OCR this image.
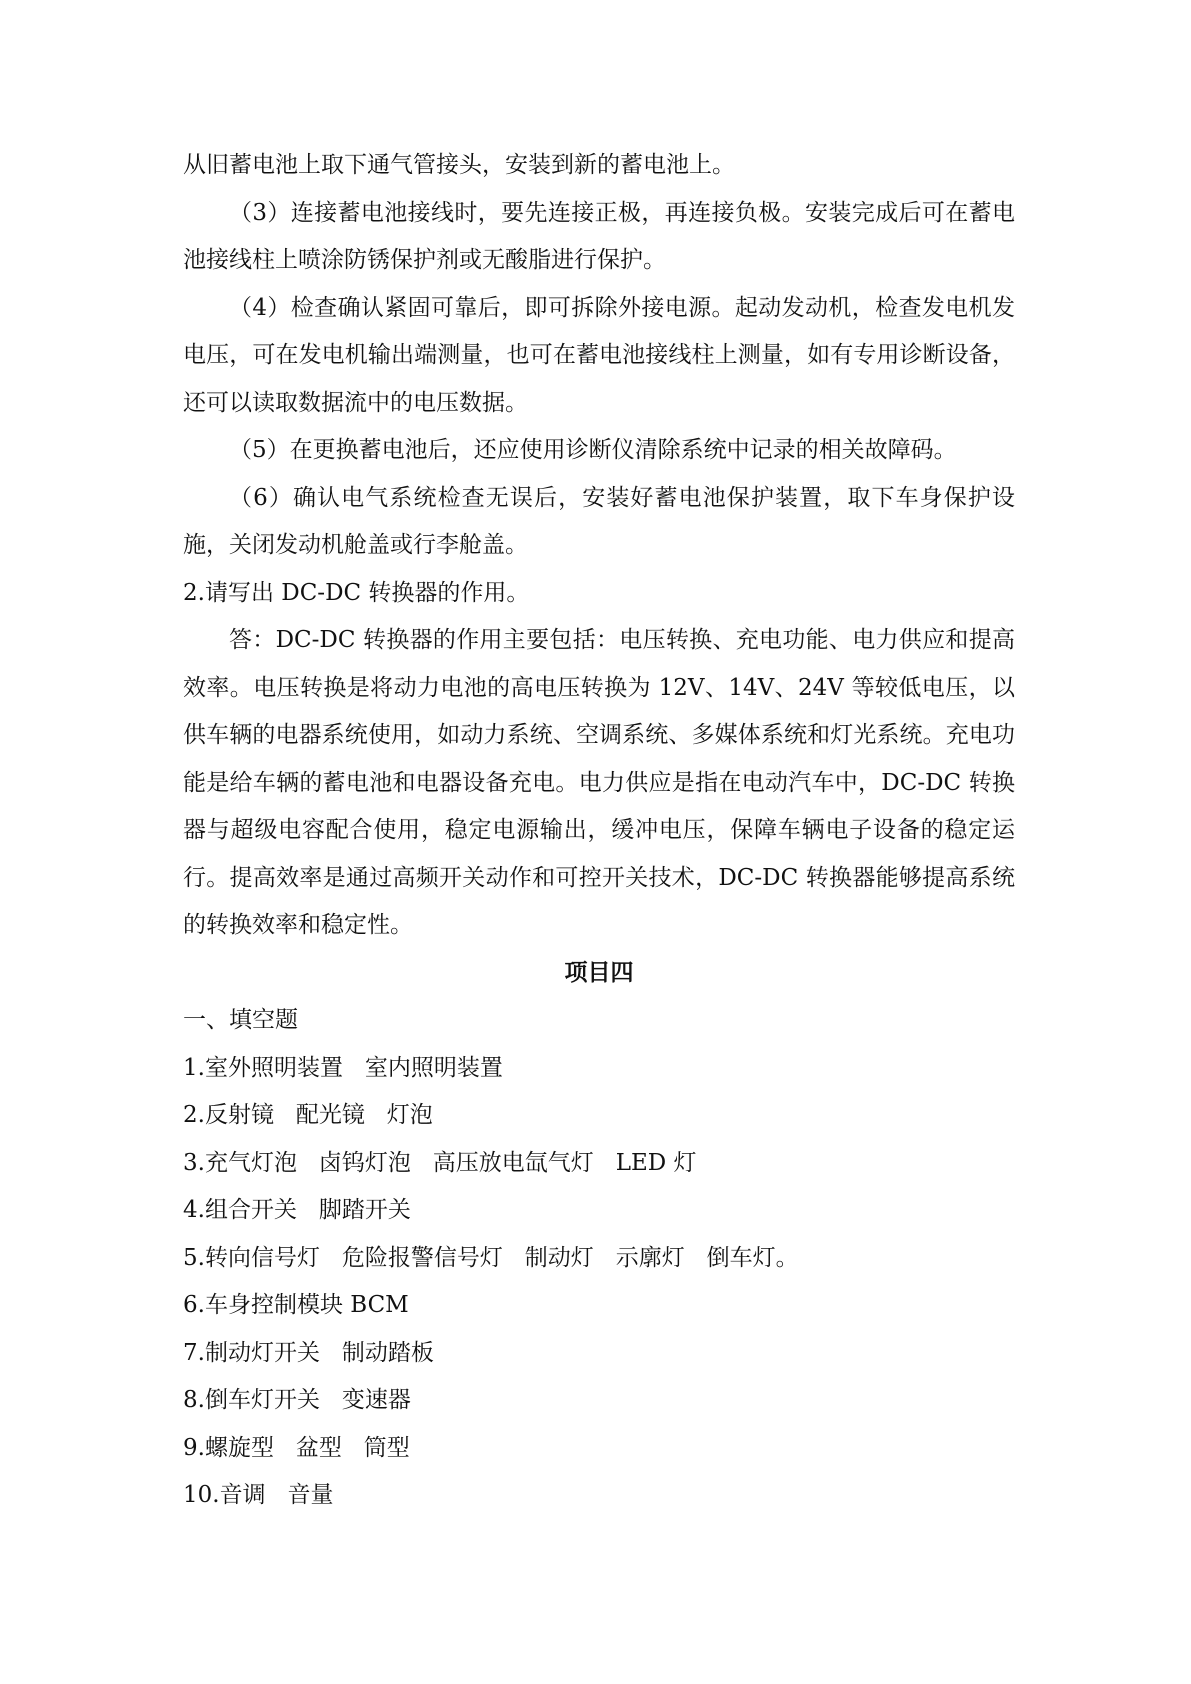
从旧蓄电池上取下通气管接头，安装到新的蓄电池上。

（3）连接蓄电池接线时，要先连接正极，再连接负极。安装完成后可在蓄电池接线柱上喷涂防锈保护剂或无酸脂进行保护。

（4）检查确认紧固可靠后，即可拆除外接电源。起动发动机，检查发电机发电压，可在发电机输出端测量，也可在蓄电池接线柱上测量，如有专用诊断设备，还可以读取数据流中的电压数据。

（5）在更换蓄电池后，还应使用诊断仪清除系统中记录的相关故障码。

（6）确认电气系统检查无误后，安装好蓄电池保护装置，取下车身保护设施，关闭发动机舱盖或行李舱盖。

2.请写出 DC-DC 转换器的作用。

答：DC-DC 转换器的作用主要包括：电压转换、充电功能、电力供应和提高效率。电压转换是将动力电池的高电压转换为 12V、14V、24V 等较低电压，以供车辆的电器系统使用，如动力系统、空调系统、多媒体系统和灯光系统。充电功能是给车辆的蓄电池和电器设备充电。电力供应是指在电动汽车中，DC-DC 转换器与超级电容配合使用，稳定电源输出，缓冲电压，保障车辆电子设备的稳定运行。提高效率是通过高频开关动作和可控开关技术，DC-DC 转换器能够提高系统的转换效率和稳定性。

项目四

一、填空题

1.室外照明装置   室内照明装置

2.反射镜   配光镜   灯泡

3.充气灯泡   卤钨灯泡   高压放电氙气灯   LED 灯

4.组合开关   脚踏开关

5.转向信号灯   危险报警信号灯   制动灯   示廓灯   倒车灯。

6.车身控制模块 BCM

7.制动灯开关   制动踏板

8.倒车灯开关   变速器

9.螺旋型   盆型   筒型

10.音调   音量
